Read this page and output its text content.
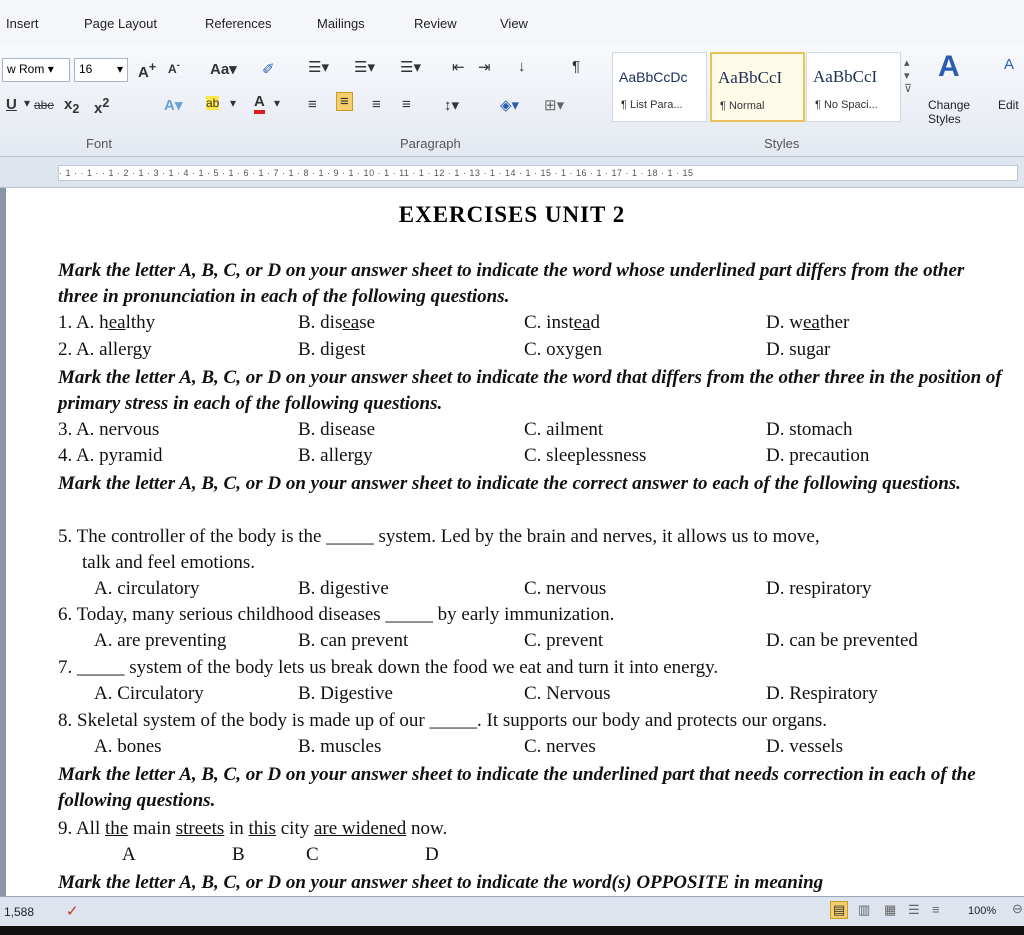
Insert	Page Layout	References	Mailings	Review	View
w Rom ▾	16 ▾ A+ A- Aa▾ ✐
U ▾ abe $x_2$ $x^2$	A▾ ab ▾ A ▾
Font
☰▾ ☰▾ ☰▾ ⇤ ⇥ ↓	¶
≡ ≡ ≡ ≡ ↕▾	◈▾ ⊞▾
Paragraph
AaBbCcDc
¶ List Para...
AaBbCcI
¶ Normal
AaBbCcI
¶ No Spaci...
▴
▾
⊽
A
Change Styles
A
Edit
Styles
· 1 · · 1 · · 1 · 2 · 1 · 3 · 1 · 4 · 1 · 5 · 1 · 6 · 1 · 7 · 1 · 8 · 1 · 9 · 1 · 10 · 1 · 11 · 1 · 12 · 1 · 13 · 1 · 14 · 1 · 15 · 1 · 16 · 1 · 17 · 1 · 18 · 1 · 15
EXERCISES UNIT 2
Mark the letter A, B, C, or D on your answer sheet to indicate the word whose underlined part differs from the other three in pronunciation in each of the following questions.
1. A. healthy	B. disease	C. instead	D. weather
2. A. allergy	B. digest	C. oxygen	D. sugar
Mark the letter A, B, C, or D on your answer sheet to indicate the word that differs from the other three in the position of primary stress in each of the following questions.
3. A. nervous	B. disease	C. ailment	D. stomach
4. A. pyramid	B. allergy	C. sleeplessness	D. precaution
Mark the letter A, B, C, or D on your answer sheet to indicate the correct answer to each of the following questions.
5. The controller of the body is the _____ system. Led by the brain and nerves, it allows us to move,
talk and feel emotions.
A. circulatory	B. digestive	C. nervous	D. respiratory
6. Today, many serious childhood diseases _____ by early immunization.
A. are preventing	B. can prevent	C. prevent	D. can be prevented
7. _____ system of the body lets us break down the food we eat and turn it into energy.
A. Circulatory	B. Digestive	C. Nervous	D. Respiratory
8. Skeletal system of the body is made up of our _____. It supports our body and protects our organs.
A. bones	B. muscles	C. nerves	D. vessels
Mark the letter A, B, C, or D on your answer sheet to indicate the underlined part that needs correction in each of the following questions.
9. All the main streets in this city are widened now.
A	B	C	D
Mark the letter A, B, C, or D on your answer sheet to indicate the word(s) OPPOSITE in meaning
1,588 ✓	▤ ▥ ▦ ☰ ≡	100% ⊖
